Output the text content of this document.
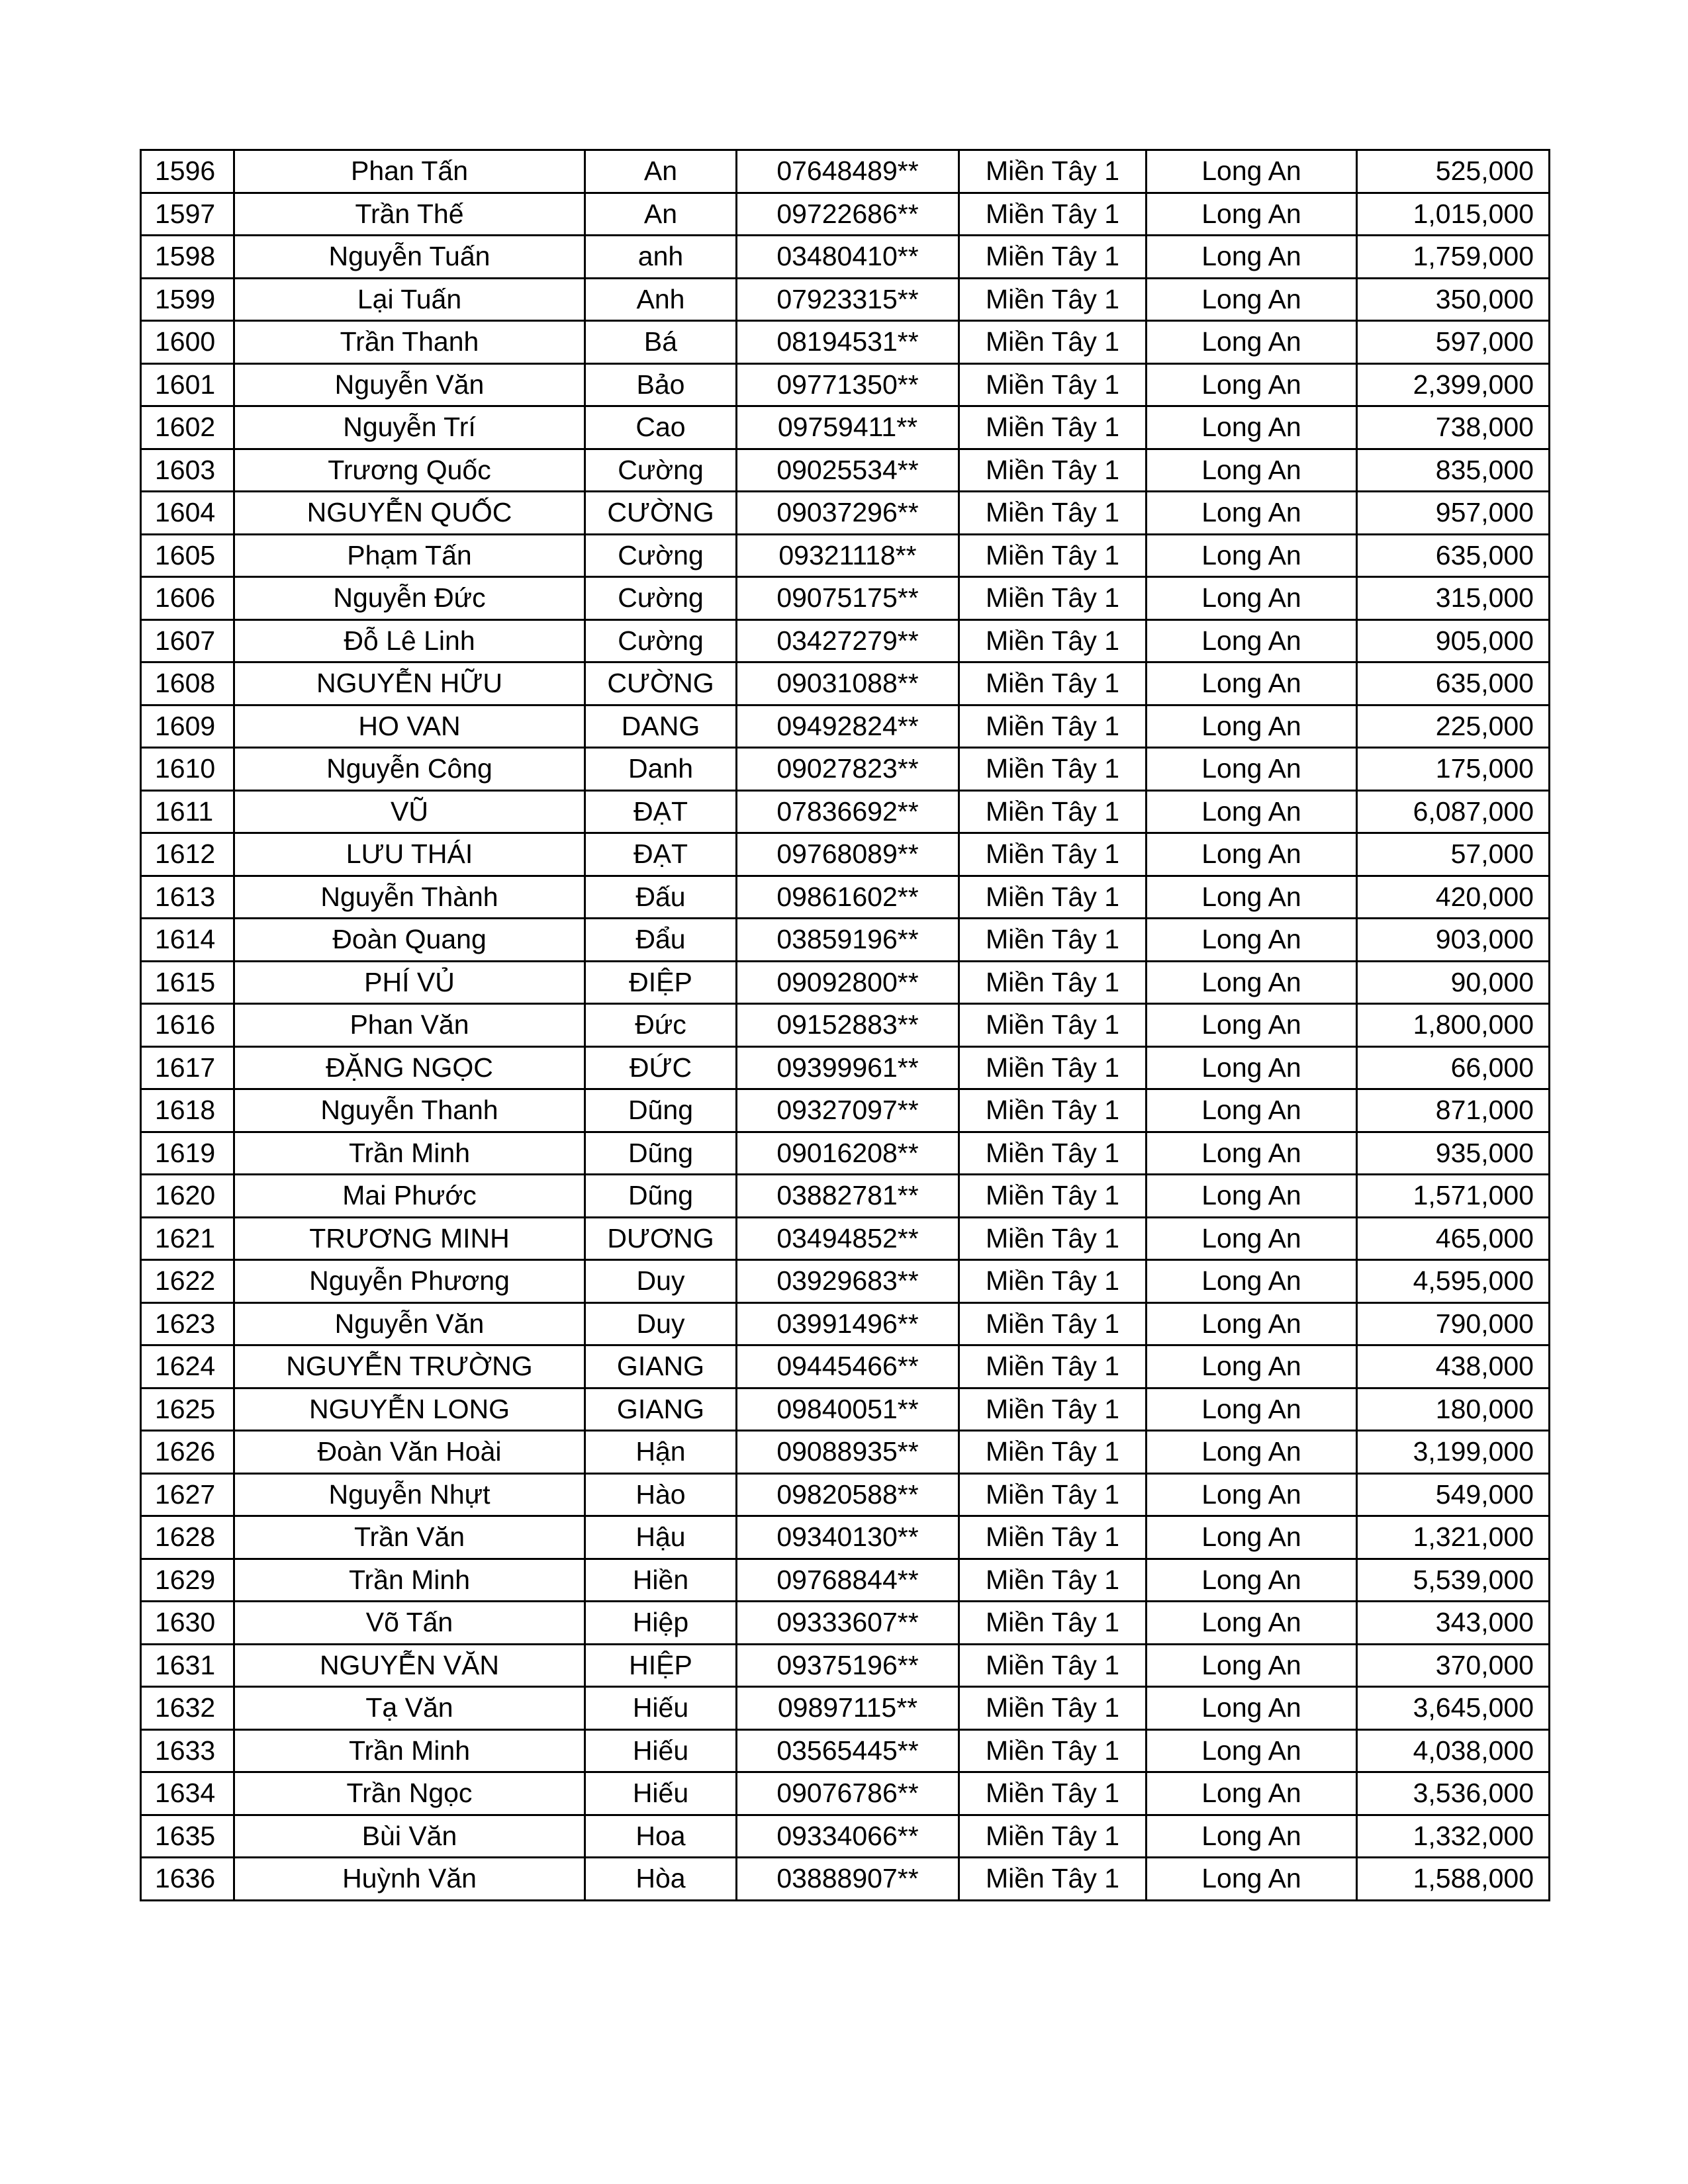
1596	Phan Tấn	An	07648489**	Miền Tây 1	Long An	525,000
1597	Trần Thế	An	09722686**	Miền Tây 1	Long An	1,015,000
1598	Nguyễn Tuấn	anh	03480410**	Miền Tây 1	Long An	1,759,000
1599	Lại Tuấn	Anh	07923315**	Miền Tây 1	Long An	350,000
1600	Trần Thanh	Bá	08194531**	Miền Tây 1	Long An	597,000
1601	Nguyễn Văn	Bảo	09771350**	Miền Tây 1	Long An	2,399,000
1602	Nguyễn Trí	Cao	09759411**	Miền Tây 1	Long An	738,000
1603	Trương Quốc	Cường	09025534**	Miền Tây 1	Long An	835,000
1604	NGUYỄN QUỐC	CƯỜNG	09037296**	Miền Tây 1	Long An	957,000
1605	Phạm Tấn	Cường	09321118**	Miền Tây 1	Long An	635,000
1606	Nguyễn Đức	Cường	09075175**	Miền Tây 1	Long An	315,000
1607	Đỗ Lê Linh	Cường	03427279**	Miền Tây 1	Long An	905,000
1608	NGUYỄN HỮU	CƯỜNG	09031088**	Miền Tây 1	Long An	635,000
1609	HO VAN	DANG	09492824**	Miền Tây 1	Long An	225,000
1610	Nguyễn Công	Danh	09027823**	Miền Tây 1	Long An	175,000
1611	VŨ	ĐẠT	07836692**	Miền Tây 1	Long An	6,087,000
1612	LƯU THÁI	ĐẠT	09768089**	Miền Tây 1	Long An	57,000
1613	Nguyễn Thành	Đấu	09861602**	Miền Tây 1	Long An	420,000
1614	Đoàn Quang	Đẩu	03859196**	Miền Tây 1	Long An	903,000
1615	PHÍ VỦ	ĐIỆP	09092800**	Miền Tây 1	Long An	90,000
1616	Phan Văn	Đức	09152883**	Miền Tây 1	Long An	1,800,000
1617	ĐẶNG NGỌC	ĐỨC	09399961**	Miền Tây 1	Long An	66,000
1618	Nguyễn Thanh	Dũng	09327097**	Miền Tây 1	Long An	871,000
1619	Trần Minh	Dũng	09016208**	Miền Tây 1	Long An	935,000
1620	Mai Phước	Dũng	03882781**	Miền Tây 1	Long An	1,571,000
1621	TRƯƠNG MINH	DƯƠNG	03494852**	Miền Tây 1	Long An	465,000
1622	Nguyễn Phương	Duy	03929683**	Miền Tây 1	Long An	4,595,000
1623	Nguyễn Văn	Duy	03991496**	Miền Tây 1	Long An	790,000
1624	NGUYỄN TRƯỜNG	GIANG	09445466**	Miền Tây 1	Long An	438,000
1625	NGUYỄN LONG	GIANG	09840051**	Miền Tây 1	Long An	180,000
1626	Đoàn Văn Hoài	Hận	09088935**	Miền Tây 1	Long An	3,199,000
1627	Nguyễn Nhựt	Hào	09820588**	Miền Tây 1	Long An	549,000
1628	Trần Văn	Hậu	09340130**	Miền Tây 1	Long An	1,321,000
1629	Trần Minh	Hiền	09768844**	Miền Tây 1	Long An	5,539,000
1630	Võ Tấn	Hiệp	09333607**	Miền Tây 1	Long An	343,000
1631	NGUYỄN VĂN	HIỆP	09375196**	Miền Tây 1	Long An	370,000
1632	Tạ Văn	Hiếu	09897115**	Miền Tây 1	Long An	3,645,000
1633	Trần Minh	Hiếu	03565445**	Miền Tây 1	Long An	4,038,000
1634	Trần Ngọc	Hiếu	09076786**	Miền Tây 1	Long An	3,536,000
1635	Bùi Văn	Hoa	09334066**	Miền Tây 1	Long An	1,332,000
1636	Huỳnh Văn	Hòa	03888907**	Miền Tây 1	Long An	1,588,000
